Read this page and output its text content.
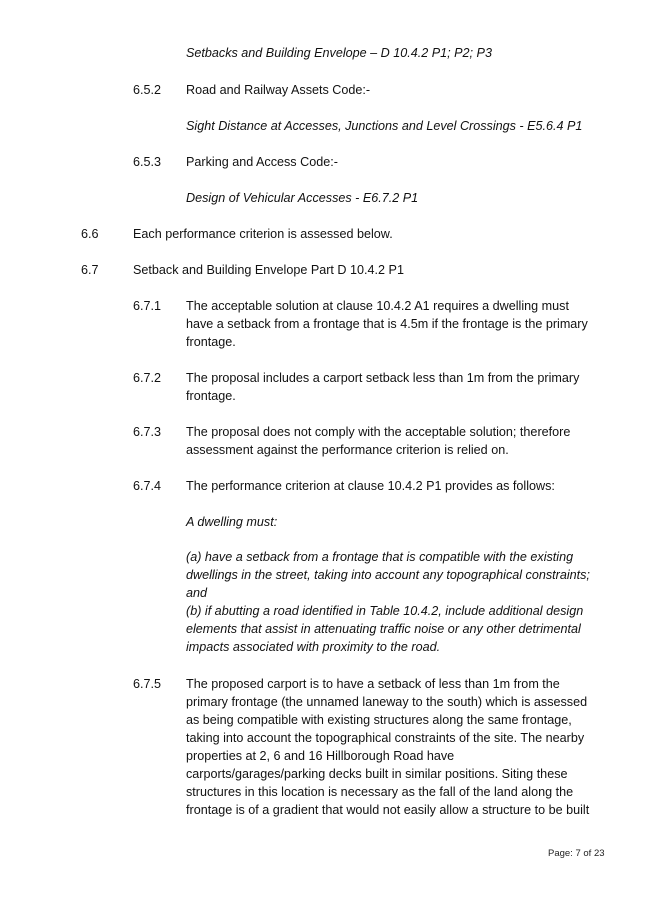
Setbacks and Building Envelope – D 10.4.2 P1; P2; P3

6.5.2 Road and Railway Assets Code:-

Sight Distance at Accesses, Junctions and Level Crossings - E5.6.4 P1

6.5.3 Parking and Access Code:-

Design of Vehicular Accesses - E6.7.2 P1

6.6	Each performance criterion is assessed below.

6.7	Setback and Building Envelope Part D 10.4.2 P1

6.7.1 The acceptable solution at clause 10.4.2 A1 requires a dwelling must
have a setback from a frontage that is 4.5m if the frontage is the primary
frontage.

6.7.2 The proposal includes a carport setback less than 1m from the primary
frontage.

6.7.3 The proposal does not comply with the acceptable solution; therefore
assessment against the performance criterion is relied on.

6.7.4 The performance criterion at clause 10.4.2 P1 provides as follows:

A dwelling must:

(a) have a setback from a frontage that is compatible with the existing
dwellings in the street, taking into account any topographical constraints;
and
(b) if abutting a road identified in Table 10.4.2, include additional design
elements that assist in attenuating traffic noise or any other detrimental
impacts associated with proximity to the road.

6.7.5 The proposed carport is to have a setback of less than 1m from the
primary frontage (the unnamed laneway to the south) which is assessed
as being compatible with existing structures along the same frontage,
taking into account the topographical constraints of the site. The nearby
properties at 2, 6 and 16 Hillborough Road have
carports/garages/parking decks built in similar positions. Siting these
structures in this location is necessary as the fall of the land along the
frontage is of a gradient that would not easily allow a structure to be built
Page: 7 of 23
